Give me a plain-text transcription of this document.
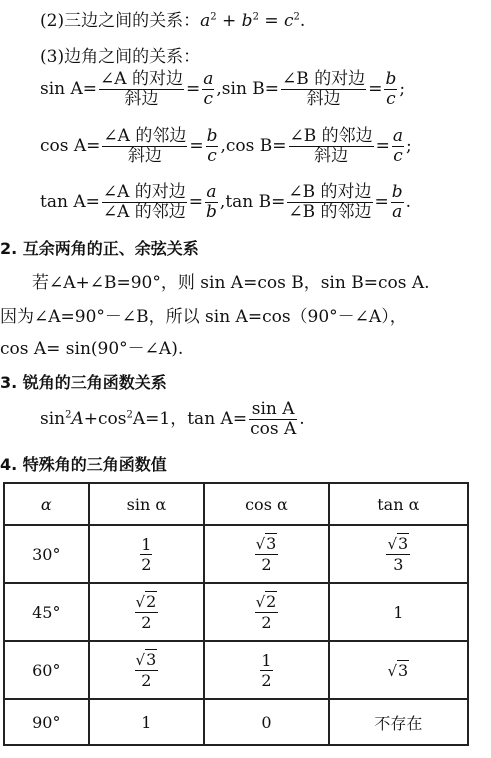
(2)三边之间的关系：$a^2 + b^2 = c^2$.
(3)边角之间的关系：
$\sin A= \frac{\text{∠A 的对边}}{\text{斜边}} = \frac{a}{c} ,\sin$ $B= \frac{\text{∠B 的对边}}{\text{斜边}} = \frac{b}{c}$ ;
$\cos A= \frac{\text{∠A 的邻边}}{\text{斜边}} = \frac{b}{c} ,\cos$ $B= \frac{\text{∠B 的邻边}}{\text{斜边}} = \frac{a}{c}$ ;
$\tan A= \frac{\text{∠A 的对边}}{\text{∠A 的邻边}} = \frac{a}{b} ,\tan$ $B= \frac{\text{∠B 的对边}}{\text{∠B 的邻边}} = \frac{b}{a}$ .
2. 互余两角的正、余弦关系
若∠A+∠B=90°，则 sin A=cos B，sin B=cos A.
因为∠A=90°－∠B，所以 sin A=cos（90°－∠A），
cos A= sin(90°－∠A).
3. 锐角的三角函数关系
$\sin^2A+\cos^2A=1$，$\tan A= \frac{\text{sin A}}{\text{cos A}}$ .
4. 特殊角的三角函数值
α	sin α	cos α	tan α
30°	$\frac{1}{2}$	$\frac{√3}{2}$	$\frac{√3}{3}$

45°	$\frac{√2}{2}$	$\frac{√2}{2}$	1
60°	$\frac{√3}{2}$	$\frac{1}{2}$	√3
90°	1	0	不存在
